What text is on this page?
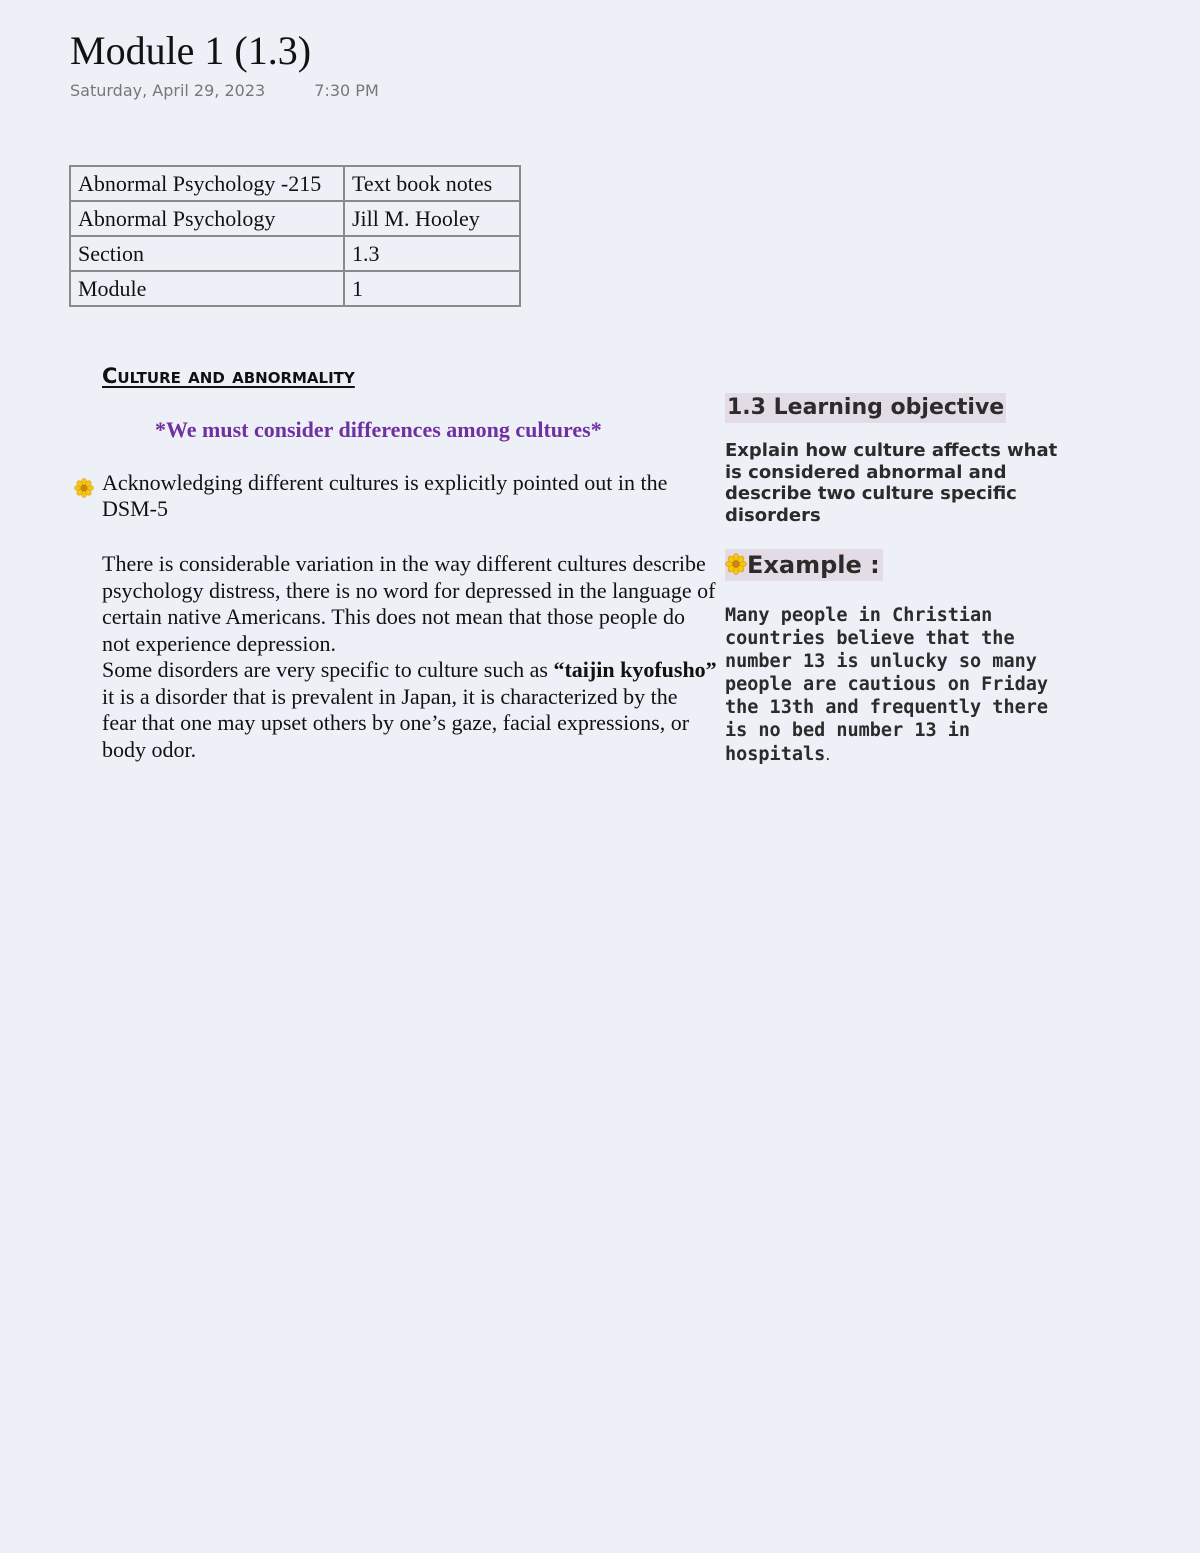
Module 1 (1.3)
Saturday, April 29, 2023	7:30 PM
Abnormal Psychology -215	Text book notes
Abnormal Psychology	Jill M. Hooley
Section	1.3
Module	1
Culture and abnormality
*We must consider differences among cultures*
Acknowledging different cultures is explicitly pointed out in the DSM-5

There is considerable variation in the way different cultures describe psychology distress, there is no word for depressed in the language of certain native Americans. This does not mean that those people do not experience depression.

Some disorders are very specific to culture such as “taijin kyofusho” it is a disorder that is prevalent in Japan, it is characterized by the fear that one may upset others by one’s gaze, facial expressions, or body odor.

1.3 Learning objective
Explain how culture affects what is considered abnormal and describe two culture specific disorders
Example :
Many people in Christian countries believe that the number 13 is unlucky so many people are cautious on Friday the 13th and frequently there is no bed number 13 in hospitals.
